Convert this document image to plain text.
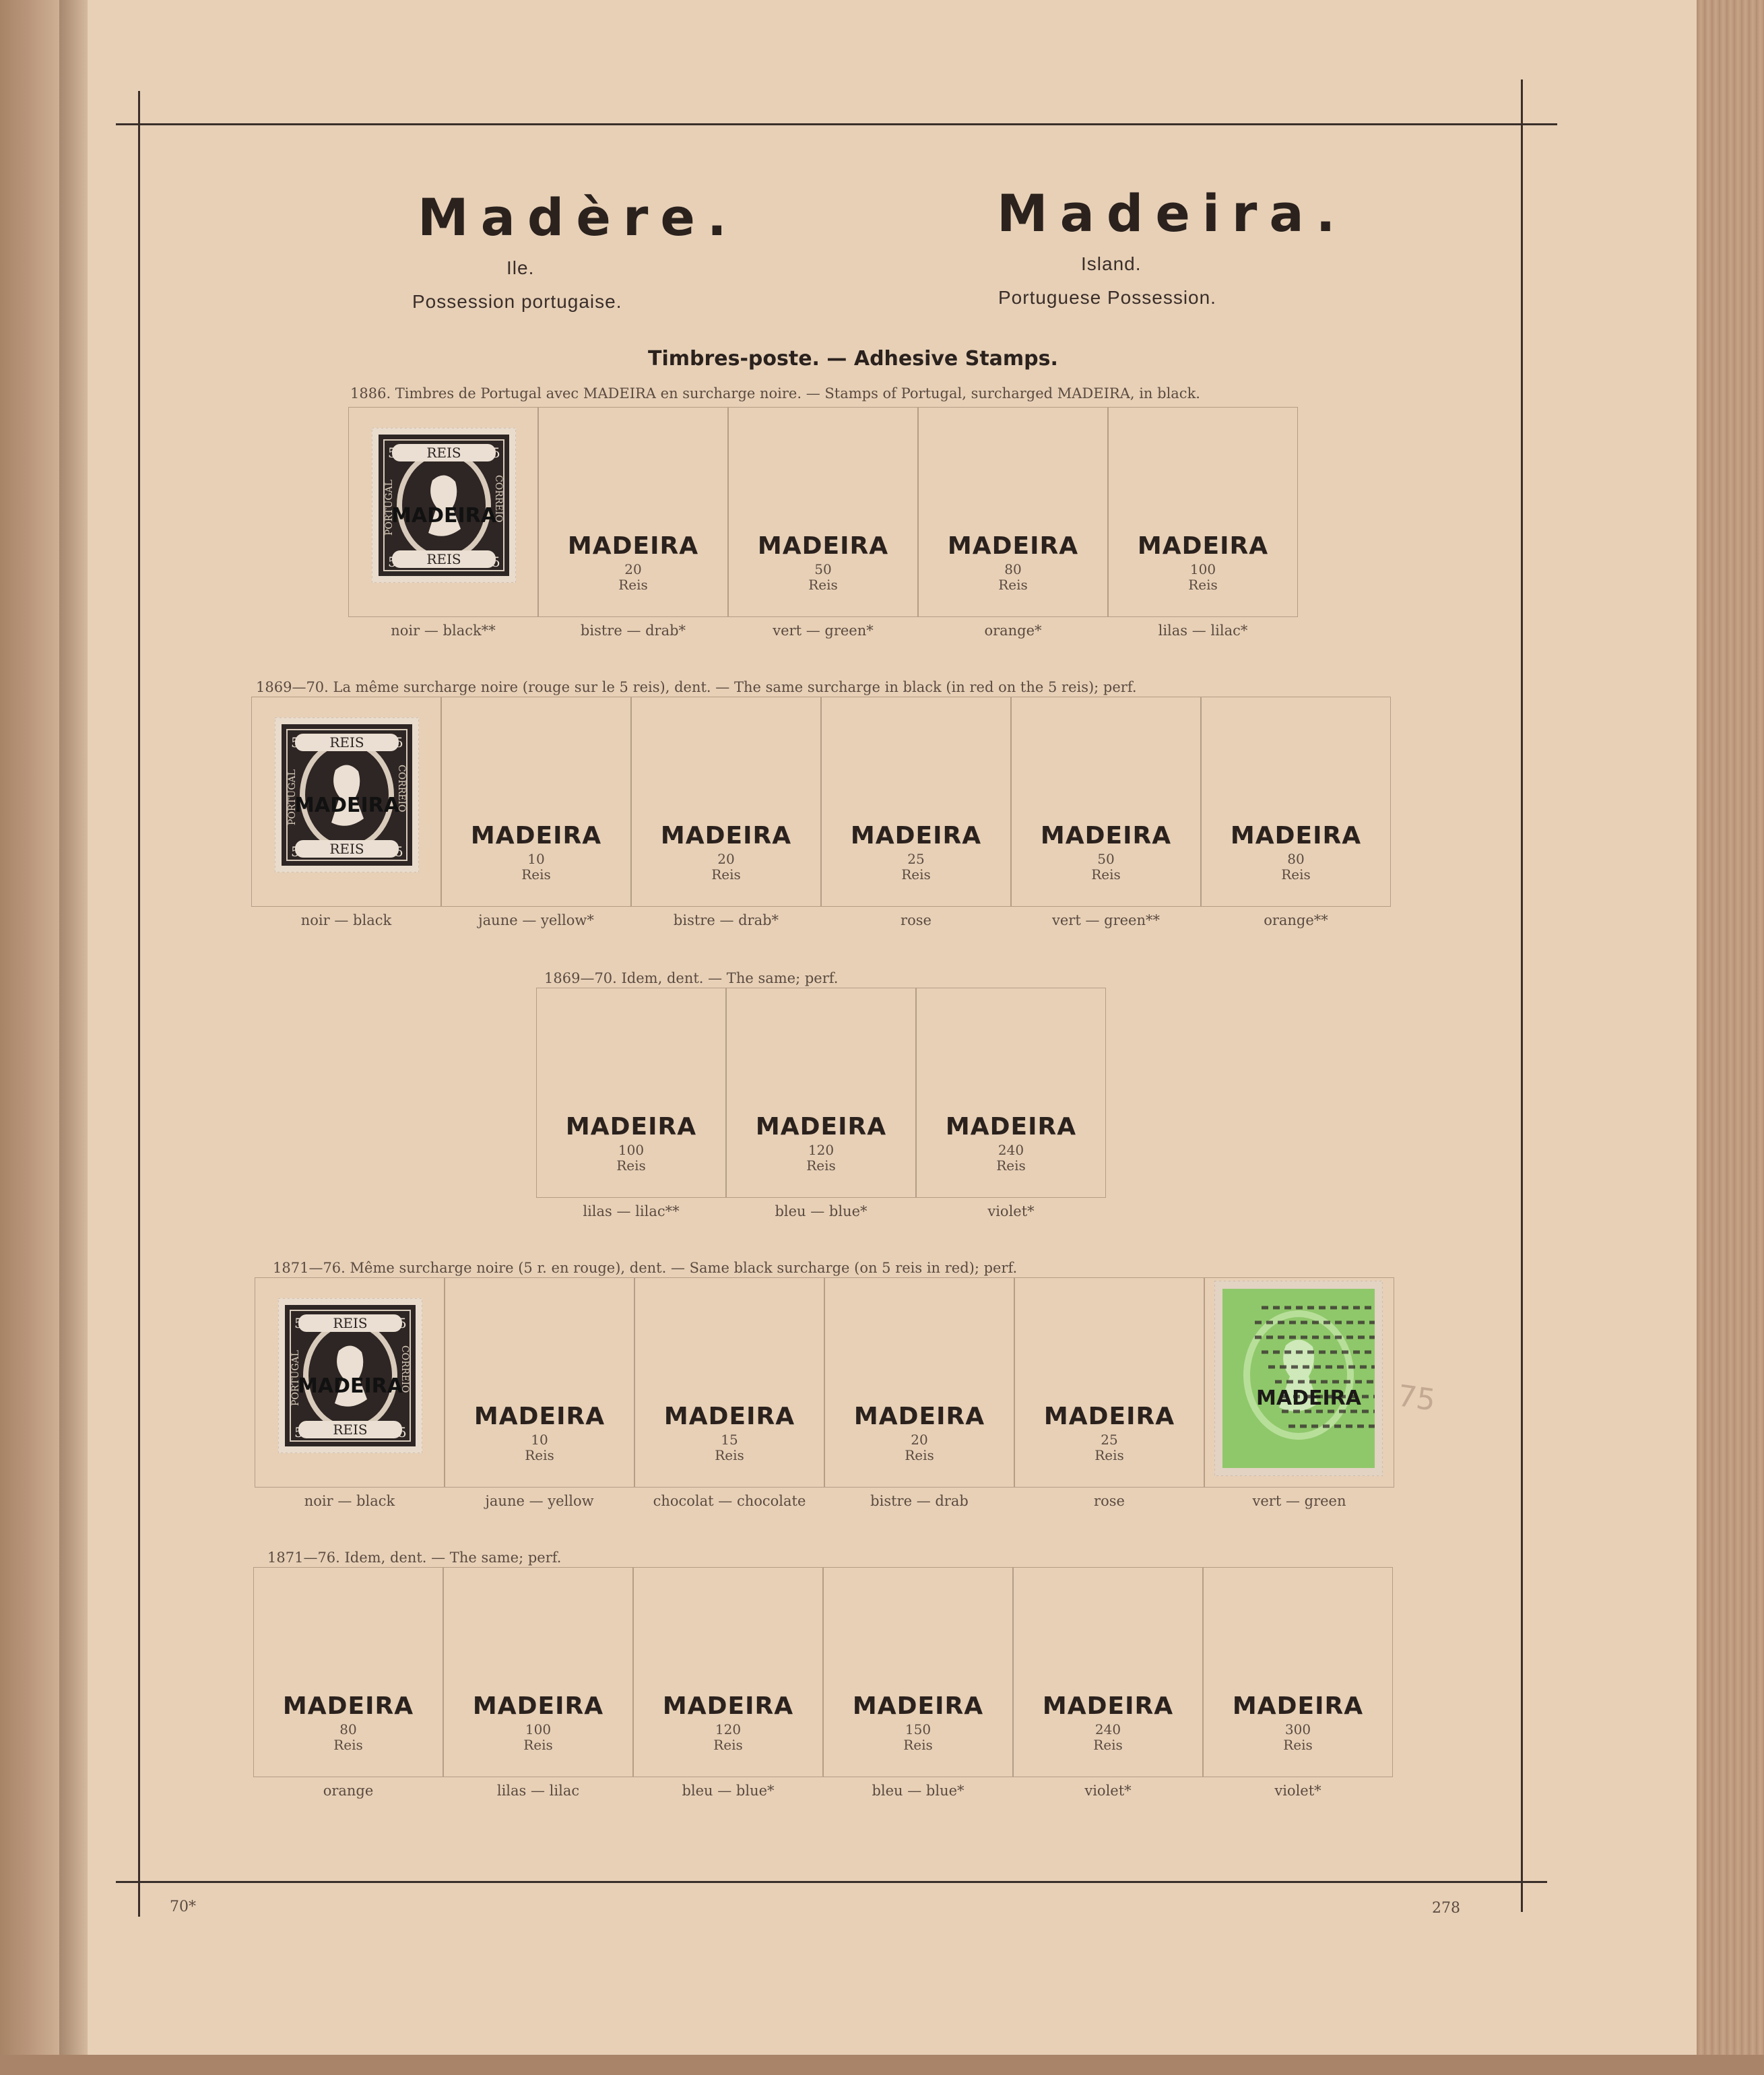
Madère.
Ile.
Possession portugaise.
Madeira.
Island.
Portuguese Possession.
Timbres-poste. — Adhesive Stamps.
1886. Timbres de Portugal avec MADEIRA en surcharge noire. — Stamps of Portugal, surcharged MADEIRA, in black.
1869—70. La même surcharge noire (rouge sur le 5 reis), dent. — The same surcharge in black (in red on the 5 reis); perf.
1869—70. Idem, dent. — The same; perf.
1871—76. Même surcharge noire (5 r. en rouge), dent. — Same black surcharge (on 5 reis in red); perf.
1871—76. Idem, dent. — The same; perf.
REIS
REIS
5	5
5	5
PORTUGAL	CORREIO
MADEIRA
noir — black**
MADEIRA
20
Reis
bistre — drab*
MADEIRA
50
Reis
vert — green*
MADEIRA
80
Reis
orange*
MADEIRA
100
Reis
lilas — lilac*
REIS
REIS
5	5
5	5
PORTUGAL	CORREIO
MADEIRA
noir — black
MADEIRA
10
Reis
jaune — yellow*
MADEIRA
20
Reis
bistre — drab*
MADEIRA
25
Reis
rose
MADEIRA
50
Reis
vert — green**
MADEIRA
80
Reis
orange**
MADEIRA
100
Reis
lilas — lilac**
MADEIRA
120
Reis
bleu — blue*
MADEIRA
240
Reis
violet*
REIS
REIS
5	5
5	5
PORTUGAL	CORREIO
MADEIRA
noir — black
MADEIRA
10
Reis
jaune — yellow
MADEIRA
15
Reis
chocolat — chocolate
MADEIRA
20
Reis
bistre — drab
MADEIRA
25
Reis
rose
MADEIRA
vert — green
MADEIRA
80
Reis
orange
MADEIRA
100
Reis
lilas — lilac
MADEIRA
120
Reis
bleu — blue*
MADEIRA
150
Reis
bleu — blue*
MADEIRA
240
Reis
violet*
MADEIRA
300
Reis
violet*
70*	278
75
